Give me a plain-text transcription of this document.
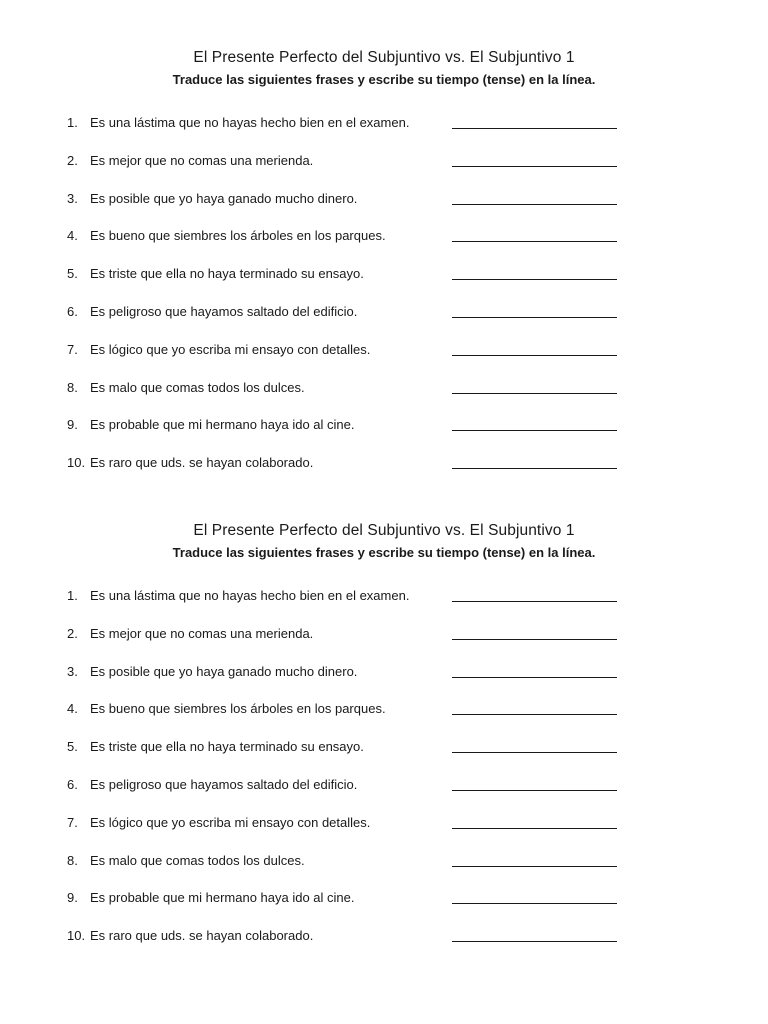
El Presente Perfecto del Subjuntivo vs. El Subjuntivo 1
Traduce las siguientes frases y escribe su tiempo (tense) en la línea.
1. Es una lástima que no hayas hecho bien en el examen.
2. Es mejor que no comas una merienda.
3. Es posible que yo haya ganado mucho dinero.
4. Es bueno que siembres los árboles en los parques.
5. Es triste que ella no haya terminado su ensayo.
6. Es peligroso que hayamos saltado del edificio.
7. Es lógico que yo escriba mi ensayo con detalles.
8. Es malo que comas todos los dulces.
9. Es probable que mi hermano haya ido al cine.
10. Es raro que uds. se hayan colaborado.
El Presente Perfecto del Subjuntivo vs. El Subjuntivo 1
Traduce las siguientes frases y escribe su tiempo (tense) en la línea.
1. Es una lástima que no hayas hecho bien en el examen.
2. Es mejor que no comas una merienda.
3. Es posible que yo haya ganado mucho dinero.
4. Es bueno que siembres los árboles en los parques.
5. Es triste que ella no haya terminado su ensayo.
6. Es peligroso que hayamos saltado del edificio.
7. Es lógico que yo escriba mi ensayo con detalles.
8. Es malo que comas todos los dulces.
9. Es probable que mi hermano haya ido al cine.
10. Es raro que uds. se hayan colaborado.
